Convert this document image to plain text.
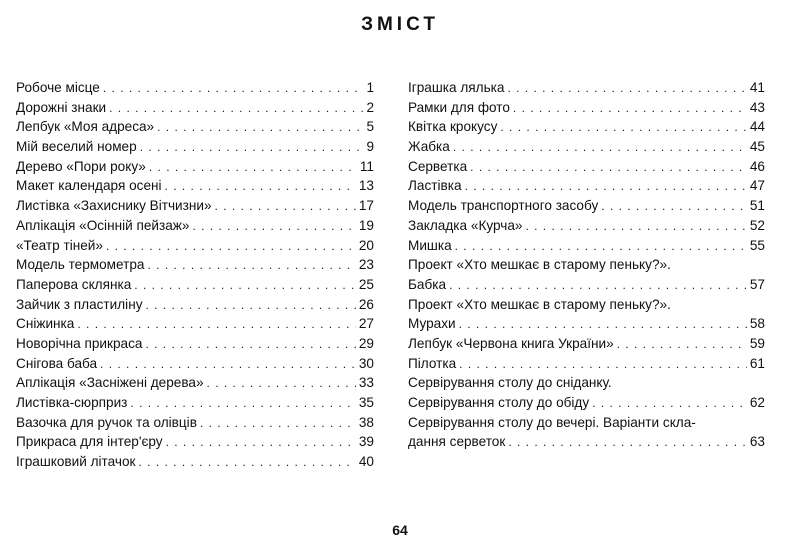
ЗМІСТ
Робоче місце . . .	1
Дорожні знаки . . .	2
Лепбук «Моя адреса» . . .	5
Мій веселий номер . . .	9
Дерево «Пори року» . . .	11
Макет календаря осені . . .	13
Листівка «Захиснику Вітчизни» . . .	17
Аплікація «Осінній пейзаж» . . .	19
«Театр тіней» . . .	20
Модель термометра . . .	23
Паперова склянка . . .	25
Зайчик з пластиліну . . .	26
Сніжинка . . .	27
Новорічна прикраса . . .	29
Снігова баба . . .	30
Аплікація «Засніжені дерева» . . .	33
Листівка-сюрприз . . .	35
Вазочка для ручок та олівців . . .	38
Прикраса для інтер'єру . . .	39
Іграшковий літачок . . .	40
Іграшка лялька . . .	41
Рамки для фото . . .	43
Квітка крокусу . . .	44
Жабка . . .	45
Серветка . . .	46
Ластівка . . .	47
Модель транспортного засобу . . .	51
Закладка «Курча» . . .	52
Мишка . . .	55
Проект «Хто мешкає в старому пеньку?».
Бабка . . .	57
Проект «Хто мешкає в старому пеньку?».
Мурахи . . .	58
Лепбук «Червона книга України» . . .	59
Пілотка . . .	61
Сервірування столу до сніданку.
Сервірування столу до обіду . . .	62
Сервірування столу до вечері. Варіанти скла-
дання серветок . . .	63
64
